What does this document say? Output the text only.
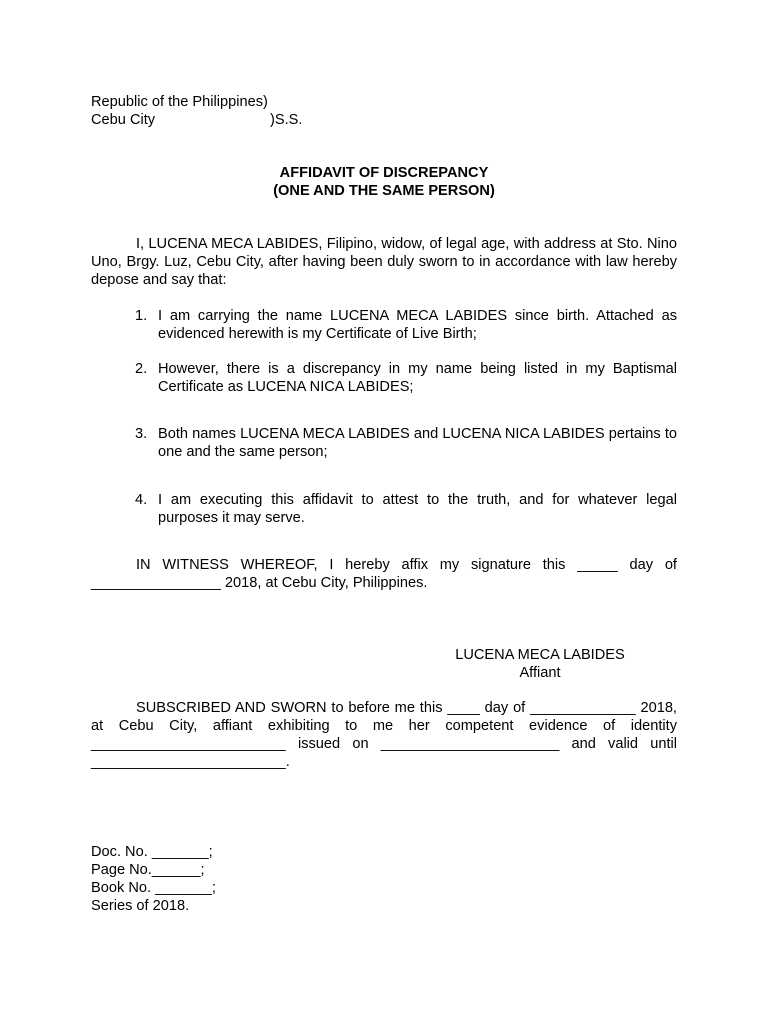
Republic of the Philippines)
Cebu City	)S.S.
AFFIDAVIT OF DISCREPANCY
(ONE AND THE SAME PERSON)

I, LUCENA MECA LABIDES, Filipino, widow, of legal age, with address at Sto. Nino Uno, Brgy. Luz, Cebu City, after having been duly sworn to in accordance with law hereby depose and say that:

1. I am carrying the name LUCENA MECA LABIDES since birth. Attached as evidenced herewith is my Certificate of Live Birth;

2. However, there is a discrepancy in my name being listed in my Baptismal Certificate as LUCENA NICA LABIDES;

3. Both names LUCENA MECA LABIDES and LUCENA NICA LABIDES pertains to one and the same person;

4. I am executing this affidavit to attest to the truth, and for whatever legal purposes it may serve.

IN WITNESS WHEREOF, I hereby affix my signature this _____ day of ________________ 2018, at Cebu City, Philippines.

LUCENA MECA LABIDES
Affiant

SUBSCRIBED AND SWORN to before me this ____ day of _____________ 2018, at Cebu City, affiant exhibiting to me her competent evidence of identity ________________________ issued on ______________________ and valid until ________________________.

Doc. No. _______;
Page No.______;
Book No. _______;
Series of 2018.
